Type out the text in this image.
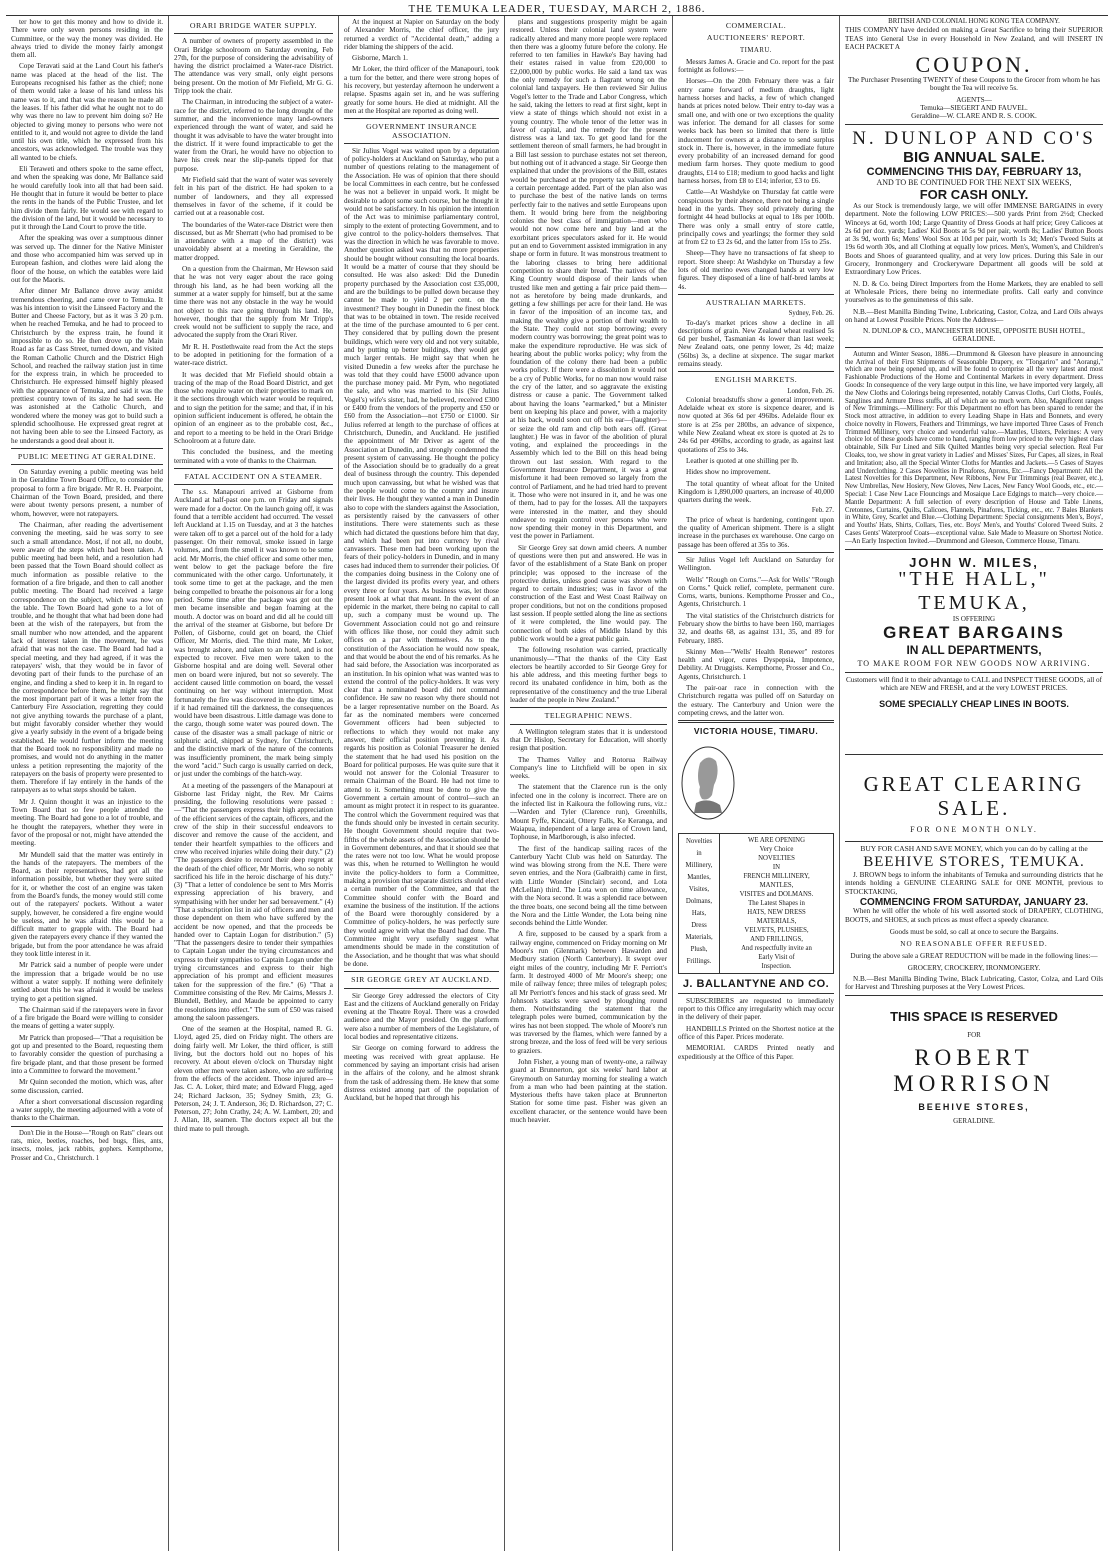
THE TEMUKA LEADER, TUESDAY, MARCH 2, 1886.

ter how to get this money and how to divide it. There were only seven persons residing in the Cummittee, or the way the money was divided. He always tried to divide the money fairly amongst them all.

Cope Teravati said at the Land Court his father's name was placed at the head of the list. The Europeans recognised his father as the chief; none of them would take a lease of his land unless his name was to it, and that was the reason he made all the leases. If his father did what he ought not to do why was there no law to prevent him doing so? He objected to giving money to persons who were not entitled to it, and would not agree to divide the land until his own title, which he expressed from his ancestors, was acknowledged. The trouble was they all wanted to be chiefs.

Eli Teraweti and others spoke to the same effect, and when the speaking was done, Mr Ballance said he would carefully look into all that had been said. He thought that in future it would be better to place the rents in the hands of the Public Trustee, and let him divide them fairly. He would see with regard to the division of the land, but it would be necessary to put it through the Land Court to prove the title.

After the speaking was over a sumptuous dinner was served up. The dinner for the Native Minister and those who accompanied him was served up in European fashion, and clothes were laid along the floor of the house, on which the eatables were laid out for the Maoris.

After dinner Mr Ballance drove away amidst tremendous cheering, and came over to Temuka. It was his intention to visit the Linseed Factory and the Butter and Cheese Factory, but as it was 3 20 p.m. when he reached Temuka, and he had to proceed to Christchurch by the express train, he found it impossible to do so. He then drove up the Main Road as far as Cass Street, turned down, and visited the Roman Catholic Church and the District High School, and reached the railway station just in time for the express train, in which he proceeded to Christchurch. He expressed himself highly pleased with the appearance of Temuka, and said it was the prettiest country town of its size he had seen. He was astonished at the Catholic Church, and wondered where the money was got to build such a splendid schoolhouse. He expressed great regret at not having been able to see the Linseed Factory, as he understands a good deal about it.

PUBLIC MEETING AT GERALDINE.

On Saturday evening a public meeting was held in the Geraldine Town Board Office, to consider the proposal to form a fire brigade. Mr R. H. Pearpoint, Chairman of the Town Board, presided, and there were about twenty persons present, a number of whom, however, were not ratepayers.

The Chairman, after reading the advertisement convening the meeting, said he was sorry to see such a small attendance. Most, if not all, no doubt, were aware of the steps which had been taken. A public meeting had been held, and a resolution had been passed that the Town Board should collect as much information as possible relative to the formation of a fire brigade, and then to call another public meeting. The Board had received a large correspondence on the subject, which was now on the table. The Town Board had gone to a lot of trouble, and he thought that what had been done had been at the wish of the ratepayers, but from the small number who now attended, and the apparent lack of interest taken in the movement, he was afraid that was not the case. The Board had had a special meeting, and they had agreed, if it was the ratepayers' wish, that they would be in favor of devoting part of their funds to the purchase of an engine, and finding a shed to keep it in. In regard to the correspondence before them, he might say that the most important part of it was a letter from the Canterbury Fire Association, regretting they could not give anything towards the purchase of a plant, but might favorably consider whether they would give a yearly subsidy in the event of a brigade being established. He would further inform the meeting that the Board took no responsibility and made no promises, and would not do anything in the matter unless a petition representing the majority of the ratepayers on the basis of property were presented to them. Therefore if lay entirely in the hands of the ratepayers as to what steps should be taken.

Mr J. Quinn thought it was an injustice to the Town Board that so few people attended the meeting. The Board had gone to a lot of trouble, and he thought the ratepayers, whether they were in favor of the proposal or not, might have attended the meeting.

Mr Mundell said that the matter was entirely in the hands of the ratepayers. The members of the Board, as their representatives, had got all the information possible, but whether they were suited for it, or whether the cost of an engine was taken from the Board's funds, the money would still come out of the ratepayers' pockets. Without a water supply, however, he considered a fire engine would be useless, and he was afraid this would be a difficult matter to grapple with. The Board had given the ratepayers every chance if they wanted the brigade, but from the poor attendance he was afraid they took little interest in it.

Mr Patrick said a number of people were under the impression that a brigade would be no use without a water supply. If nothing were definitely settled about this he was afraid it would be useless trying to get a petition signed.

The Chairman said if the ratepayers were in favor of a fire brigade the Board were willing to consider the means of getting a water supply.

Mr Patrick than proposed—"That a requisition be got up and presented to the Board, requesting them to favorably consider the question of purchasing a fire brigade plant, and that those present be formed into a Committee to forward the movement."

Mr Quinn seconded the motion, which was, after some discussion, carried.

After a short conversational discussion regarding a water supply, the meeting adjourned with a vote of thanks to the Chairman.

Don't Die in the House—"Rough on Rats" clears out rats, mice, beetles, roaches, bed bugs, flies, ants, insects, moles, jack rabbits, gophers. Kempthorne, Prosser and Co., Christchurch. 1

ORARI BRIDGE WATER SUPPLY.

A number of owners of property assembled in the Orari Bridge schoolroom on Saturday evening, Feb 27th, for the purpose of considering the advisability of having the district proclaimed a Water-race District. The attendance was very small, only eight persons being present. On the motion of Mr Fiefield, Mr G. G. Tripp took the chair.

The Chairman, in introducing the subject of a water-race for the district, referred to the long drought of the summer, and the inconvenience many land-owners experienced through the want of water, and said he thought it was advisable to have the water brought into the district. If it were found impracticable to get the water from the Orari, he would have no objection to have his creek near the slip-panels tipped for that purpose.

Mr Fiefield said that the want of water was severely felt in his part of the district. He had spoken to a number of landowners, and they all expressed themselves in favor of the scheme, if it could be carried out at a reasonable cost.

The boundaries of the Water-race District were then discussed, but as Mr Sherratt (who had promised to be in attendance with a map of the district) was unavoidably absent at a meeting in Geraldine, the matter dropped.

On a question from the Chairman, Mr Hewson said that he was not very eager about the race going through his land, as he had been working all the summer at a water supply for himself, but at the same time there was not any obstacle in the way he would not object to this race going through his land. He, however, thought that the supply from Mr Tripp's creek would not be sufficient to supply the race, and advocated the supply from the Orari River.

Mr R. H. Postlethwaite read from the Act the steps to be adopted in petitioning for the formation of a water-race district.

It was decided that Mr Fiefield should obtain a tracing of the map of the Road Board District, and get those who require water on their properties to mark on it the sections through which water would be required, and to sign the petition for the same; and that, if in his opinion sufficient inducement is offered, he obtain the opinion of an engineer as to the probable cost, &c., and report to a meeting to be held in the Orari Bridge Schoolroom at a future date.

This concluded the business, and the meeting terminated with a vote of thanks to the Chairman.

FATAL ACCIDENT ON A STEAMER.

The s.s. Manapouri arrived at Gisborne from Auckland at half-past one p.m. on Friday and signals were made for a doctor. On the launch going off, it was found that a terrible accident had occurred. The vessel left Auckland at 1.15 on Tuesday, and at 3 the hatches were taken off to get a parcel out of the hold for a lady passenger. On their removal, smoke issued in large volumes, and from the smell it was known to be some acid. Mr Morris, the chief officer and some other men, went below to get the package before the fire communicated with the other cargo. Unfortunately, it took some time to get at the package, and the men being compelled to breathe the poisonous air for a long period. Some time after the package was got out the men became insensible and began foaming at the mouth. A doctor was on board and did all he could till the arrival of the steamer at Gisborne, but before Dr Pollen, of Gisborne, could get on board, the Chief Officer, Mr Morris, died. The third mate, Mr Loker, was brought ashore, and taken to an hotel, and is not expected to recover. Five men were taken to the Gisborne hospital and are doing well. Several other men on board were injured, but not so severely. The accident caused little commotion on board, the vessel continuing on her way without interruption. Most fortunately the fire was discovered in the day time, as if it had remained till the darkness, the consequences would have been disastrous. Little damage was done to the cargo, though some water was poured down. The cause of the disaster was a small package of nitric or sulphuric acid, shipped at Sydney, for Christchurch, and the distinctive mark of the nature of the contents was insufficiently prominent, the mark being simply the word "acid." Such cargo is usually carried on deck, or just under the combings of the hatch-way.

At a meeting of the passengers of the Manapouri at Gisborne last Friday night, the Rev. Mr Cairns presiding, the following resolutions were passed :—"That the passengers express their high appreciation of the efficient services of the captain, officers, and the crew of the ship in their successful endeavors to discover and remove the cause of the accident, and tender their heartfelt sympathies to the officers and crew who received injuries while doing their duty." (2) "The passengers desire to record their deep regret at the death of the chief officer, Mr Morris, who so nobly sacrificed his life in the heroic discharge of his duty." (3) "That a letter of condolence be sent to Mrs Morris expressing appreciation of his bravery, and sympathising with her under her sad bereavement." (4) "That a subscription list in aid of officers and men and those dependent on them who have suffered by the accident be now opened, and that the proceeds be handed over to Captain Logan for distribution." (5) "That the passengers desire to tender their sympathies to Captain Logan under the trying circumstances and express to their sympathies to Captain Logan under the trying circumstances and express to their high appreciation of his prompt and efficient measures taken for the suppression of the fire." (6) "That a Committee consisting of the Rev. Mr Cairns, Messrs J. Blundell, Bethley, and Maude be appointed to carry the resolutions into effect." The sum of £50 was raised among the saloon passengers.

One of the seamen at the Hospital, named R. G. Lloyd, aged 25, died on Friday night. The others are doing fairly well. Mr Loker, the third officer, is still living, but the doctors hold out no hopes of his recovery. At about eleven o'clock on Thursday night eleven other men were taken ashore, who are suffering from the effects of the accident. Those injured are—Jas. C. A. Loker, third mate; and Edward Flugg, aged 24; Richard Jackson, 35; Sydney Smith, 23; G. Peterson, 24; J. T. Anderson, 36; D. Richardson, 27; C. Peterson, 27; John Crathy, 24; A. W. Lambert, 20; and J. Allan, 18, seamen. The doctors expect all but the third mate to pull through.

At the inquest at Napier on Saturday on the body of Alexander Morris, the chief officer, the jury returned a verdict of "Accidental death," adding a rider blaming the shippers of the acid.

Gisborne, March 1.

Mr Loker, the third officer of the Manapouri, took a turn for the better, and there were strong hopes of his recovery, but yesterday afternoon he underwent a relapse. Spasms again set in, and he was suffering greatly for some hours. He died at midnight. All the men at the Hospital are reported as doing well.

GOVERNMENT INSURANCE ASSOCIATION.

Sir Julius Vogel was waited upon by a deputation of policy-holders at Auckland on Saturday, who put a number of questions relating to the management of the Association. He was of opinion that there should be local Committees in each centre, but he confessed he was not a believer in unpaid work. It might be desirable to adopt some such course, but he thought it would not be satisfactory. In his opinion the intention of the Act was to minimise parliamentary control, simply to the extent of protecting Government, and to give control to the policy-holders themselves. That was the direction in which he was favorable to move. Another question asked was that no more properties should be bought without consulting the local boards. It would be a matter of course that they should be consulted. He was also asked: Did the Dunedin property purchased by the Association cost £35,000, and are the buildings to be pulled down because they cannot be made to yield 2 per cent. on the investment? They bought in Dunedin the finest block that was to be obtained in town. The reside received at the time of the purchase amounted to 6 per cent. They considered that by pulling down the present buildings, which were very old and not very suitable, and by putting up better buildings, they would get much larger rentals. He might say that when he visited Dunedin a few weeks after the purchase he was told that they could have £5000 advance upon the purchase money paid. Mr Pym, who negotiated the sale, and who was married to his (Sir Julius Vogel's) wife's sister, had, he believed, received £300 or £400 from the vendors of the property and £50 or £60 from the Association—not £750 or £1000. Sir Julius referred at length to the purchase of offices at Christchurch, Dunedin, and Auckland. He justified the appointment of Mr Driver as agent of the Association at Dunedin, and strongly condemned the present system of canvassing. He thought the policy of the Association should be to gradually do a great deal of business through the country. This depended much upon canvassing, but what he wished was that the people would come to the country and insure their lives. He thought they wanted a man in Dunedin also to cope with the slanders against the Association, as persistently raised by the canvassers of other institutions. There were statements such as these which had dictated the questions before him that day, and which had been put into currency by rival canvassers. These men had been working upon the fears of their policy-holders in Dunedin, and in many cases had induced them to surrender their policies. Of the companies doing business in the Colony one of the largest divided its profits every year, and others every three or four years. As business was, let those present look at what that meant. In the event of an epidemic in the market, there being no capital to call up, such a company must be wound up. The Government Association could not go and reinsure with offices like those, nor could they admit such offices on a par with themselves. As to the constitution of the Association he would now speak, and that would be about the end of his remarks. As he had said before, the Association was incorporated as an institution. In his opinion what was wanted was to extend the control of the policy-holders. It was very clear that a nominated board did not command confidence. He saw no reason why there should not be a larger representative number on the Board. As far as the nominated members were concerned Government officers had been subjected to reflections to which they would not make any answer, their official position preventing it. As regards his position as Colonial Treasurer he denied the statement that he had used his position on the Board for political purposes. He was quite sure that it would not answer for the Colonial Treasurer to remain Chairman of the Board. He had not time to attend to it. Something must be done to give the Government a certain amount of control—such an amount as might protect it in respect to its guarantee. The control which the Government required was that the funds should only be invested in certain security. He thought Government should require that two-fifths of the whole assets of the Association should be in Government debentures, and that it should see that the rates were not too low. What he would propose was this, when he returned to Wellington he would invite the policy-holders to form a Committee, making a provision that separate districts should elect a certain number of the Committee, and that the Committee should confer with the Board and examine the business of the institution. If the actions of the Board were thoroughly considered by a Committee of policy-holders, he was perfectly sure they would agree with what the Board had done. The Committee might very usefully suggest what amendments should be made in the constitution of the Association, and he thought that was what should be done.

SIR GEORGE GREY AT AUCKLAND.

Sir George Grey addressed the electors of City East and the citizens of Auckland generally on Friday evening at the Theatre Royal. There was a crowded audience and the Mayor presided. On the platform were also a number of members of the Legislature, of local bodies and representative citizens.

Sir George on coming forward to address the meeting was received with great applause. He commenced by saying an important crisis had arisen in the affairs of the colony, and he almost shrank from the task of addressing them. He knew that some distress existed among part of the population of Auckland, but he hoped that through his

plans and suggestions prosperity might be again restored. Unless their colonial land system were radically altered and many more people were replaced then there was a gloomy future before the colony. He referred to ten families in Hawke's Bay having had their estates raised in value from £20,000 to £2,000,000 by public works. He said a land tax was the only remedy for such a flagrant wrong on the colonial land taxpayers. He then reviewed Sir Julius Vogel's letter to the Trade and Labor Congress, which he said, taking the letters to read at first sight, kept in view a state of things which should not exist in a young country. The whole tenor of the letter was in favor of capital, and the remedy for the present distress was a land tax. To get good land for the settlement thereon of small farmers, he had brought in a Bill last session to purchase estates not set thereon, but nothing out of it advanced a stage. Sir George then explained that under the provisions of the Bill, estates would be purchased at the property tax valuation and a certain percentage added. Part of the plan also was to purchase the best of the native lands on terms perfectly fair to the natives and settle Europeans upon them. It would bring here from the neighboring colonies the best class of immigration—men who would not now come here and buy land at the exorbitant prices speculators asked for it. He would put an end to Government assisted immigration in any shape or form in future. It was monstrous treatment to the laboring classes to bring here additional competition to share their bread. The natives of the King Country would dispose of their lands when trusted like men and getting a fair price paid them—not as heretofore by being made drunkards, and getting a few shillings per acre for their land. He was in favor of the imposition of an income tax, and making the wealthy give a portion of their wealth to the State. They could not stop borrowing; every modern country was borrowing; the great point was to make the expenditure reproductive. He was sick of hearing about the public works policy; why from the foundation of the colony there had been a public works policy. If there were a dissolution it would not be a cry of Public Works, for no man now would raise the cry of the latter, and so aggravate the existing distress or cause a panic. The Government talked about having the loans "earmarked," but a Minister bent on keeping his place and power, with a majority at his back, would soon cut off his ear—(laughter)—or seize the old ram and clip both ears off. (Great laughter.) He was in favor of the abolition of plural voting, and explained the proceedings in the Assembly which led to the Bill on this head being thrown out last session. With regard to the Government Insurance Department, it was a great misfortune it had been removed so largely from the control of Parliament, and he had tried hard to prevent it. Those who were not insured in it, and he was one of them, had to pay for the losses. All the taxpayers were interested in the matter, and they should endeavor to regain control over persons who were now spending their money in this Department, and vest the power in Parliament.

Sir George Grey sat down amid cheers. A number of questions were then put and answered. He was in favor of the establishment of a State Bank on proper principle; was opposed to the increase of the protective duties, unless good cause was shown with regard to certain industries; was in favor of the construction of the East and West Coast Railway on proper conditions, but not on the conditions proposed last session. If people settled along the line as sections of it were completed, the line would pay. The connection of both sides of Middle Island by this public work would be a great public gain.

The following resolution was carried, practically unanimously—"That the thanks of the City East electors be heartily accorded to Sir George Grey for his able address, and this meeting further begs to record its unabated confidence in him, both as the representative of the constituency and the true Liberal leader of the people in New Zealand."

TELEGRAPHIC NEWS.

A Wellington telegram states that it is understood that Dr Hislop, Secretary for Education, will shortly resign that position.

The Thames Valley and Rotorua Railway Company's line to Litchfield will be open in six weeks.

The statement that the Clarence run is the only infected one in the colony is incorrect. There are on the infected list in Kaikoura the following runs, viz.:—Warden and Tyler (Clarence run), Greenhills, Mount Fyffe, Kincaid, Ottery Falls, Ke Keranga, and Waiapua, independent of a large area of Crown land, Tophouse, in Marlborough, is also infected.

The first of the handicap sailing races of the Canterbury Yacht Club was held on Saturday. The wind was blowing strong from the N.E. There were seven entries, and the Nora (Galbraith) came in first, with Little Wonder (Sinclair) second, and Lota (McLellan) third. The Lota won on time allowance, with the Nora second. It was a splendid race between the three boats, one second being all the time between the Nora and the Little Wonder, the Lota being nine seconds behind the Little Wonder.

A fire, supposed to be caused by a spark from a railway engine, commenced on Friday morning on Mr Moore's run (Glenmark) between Hawarden and Medbury station (North Canterbury). It swept over eight miles of the country, including Mr F. Perriott's farm. It destroyed 4000 of Mr Moore's sheep; one mile of railway fence; three miles of telegraph poles; all Mr Perriott's fences and his stack of grass seed. Mr Johnson's stacks were saved by ploughing round them. Notwithstanding the statement that the telegraph poles were burned, communication by the wires has not been stopped. The whole of Moore's run was traversed by the flames, which were fanned by a strong breeze, and the loss of feed will be very serious to graziers.

John Fisher, a young man of twenty-one, a railway guard at Brunnerton, got six weeks' hard labor at Greymouth on Saturday morning for stealing a watch from a man who had been painting at the station. Mysterious thefts have taken place at Brunnerton Station for some time past. Fisher was given an excellent character, or the sentence would have been much heavier.

COMMERCIAL.
AUCTIONEERS' REPORT.
TIMARU.

Messrs James A. Gracie and Co. report for the past fortnight as follows:—

Horses—On the 20th February there was a fair entry came forward of medium draughts, light harness horses and hacks, a few of which changed hands at prices noted below. Their entry to-day was a small one, and with one or two exceptions the quality was inferior. The demand for all classes for some weeks back has been so limited that there is little inducement for owners at a distance to send surplus stock in. There is, however, in the immediate future every probability of an increased demand for good medium farm horses. They quote medium to good draughts, £14 to £18; medium to good hacks and light harness horses, from £8 to £14; inferior, £3 to £6.

Cattle—At Washdyke on Thursday fat cattle were conspicuous by their absence, there not being a single head in the yards. They sold privately during the fortnight 44 head bullocks at equal to 18s per 100lb. There was only a small entry of store cattle, principally cows and yearlings; the former they sold at from £2 to £3 2s 6d, and the latter from 15s to 25s.

Sheep—They have no transactions of fat sheep to report. Store sheep: At Washdyke on Thursday a few lots of old merino ewes changed hands at very low figures. They disposed of a line of half-bred lambs at 4s.

AUSTRALIAN MARKETS.
Sydney, Feb. 26.

To-day's market prices show a decline in all descriptions of grain. New Zealand wheat realised 5s 6d per bushel, Tasmanian 4s lower than last week; New Zealand oats, one penny lower, 2s 4d; maize (56lbs) 3s, a decline at sixpence. The sugar market remains steady.

ENGLISH MARKETS.
London, Feb. 26.

Colonial breadstuffs show a general improvement. Adelaide wheat ex store is sixpence dearer, and is now quoted at 36s 6d per 496lbs. Adelaide flour ex store is at 25s per 280lbs, an advance of sixpence, while New Zealand wheat ex store is quoted at 2s to 24s 6d per 496lbs, according to grade, as against last quotations of 25s to 34s.

Leather is quoted at one shilling per lb.

Hides show no improvement.

The total quantity of wheat afloat for the United Kingdom is 1,890,000 quarters, an increase of 40,000 quarters during the week.

Feb. 27.

The price of wheat is hardening, contingent upon the quality of American shipment. There is a slight increase in the purchases ex warehouse. One cargo on passage has been offered at 35s to 36s.

Sir Julius Vogel left Auckland on Saturday for Wellington.

Wells' "Rough on Corns."—Ask for Wells' "Rough on Corns." Quick relief, complete, permanent cure. Corns, warts, bunions. Kempthorne Prosser and Co., Agents, Christchurch. 1

The vital statistics of the Christchurch districts for February show the births to have been 160, marriages 32, and deaths 68, as against 131, 35, and 89 for February, 1885.

Skinny Men—"Wells' Health Renewer" restores health and vigor, cures Dyspepsia, Impotence, Debility. At Druggists. Kempthorne, Prosser and Co., Agents, Christchurch. 1

The pair-oar race in connection with the Christchurch regatta was pulled off on Saturday on the estuary. The Canterbury and Union were the competing crews, and the latter won.

VICTORIA HOUSE, TIMARU.
Novelties
in
Millinery,
Mantles,
Visites,
Dolmans,
Hats,
Dress
Materials,
Plush,
Frillings.
WE ARE OPENING
Very Choice
NOVELTIES
IN
FRENCH MILLINERY,
MANTLES,
VISITES and DOLMANS.
The Latest Shapes in
HATS, NEW DRESS
MATERIALS,
VELVETS, PLUSHES,
AND FRILLINGS,
And respectfully invite an
Early Visit of
Inspection.
J. BALLANTYNE AND CO.

SUBSCRIBERS are requested to immediately report to this Office any irregularity which may occur in the delivery of their paper.

HANDBILLS Printed on the Shortest notice at the office of this Paper. Prices moderate.

MEMORIAL CARDS Printed neatly and expeditiously at the Office of this Paper.

BRITISH AND COLONIAL HONG KONG TEA COMPANY.

THIS COMPANY have decided on making a Great Sacrifice to bring their SUPERIOR TEAS into General Use in every Household in New Zealand, and will INSERT IN EACH PACKET A

COUPON.

The Purchaser Presenting TWENTY of these Coupons to the Grocer from whom he has bought the Tea will receive 5s.

AGENTS—
Temuka—SIEGERT AND FAUVEL.
Geraldine—W. CLARE AND R. S. COOK.
N. DUNLOP AND CO'S
BIG ANNUAL SALE.
COMMENCING THIS DAY, FEBRUARY 13,
AND TO BE CONTINUED FOR THE NEXT SIX WEEKS,
FOR CASH ONLY.

As our Stock is tremendously large, we will offer IMMENSE BARGAINS in every department. Note the following LOW PRICES:—500 yards Print from 2½d; Checked Winceys at 6d, worth 10d; Large Quantity of Dress Goods at half price; Grey Calicoes at 2s 6d per doz. yards; Ladies' Kid Boots at 5s 9d per pair, worth 8s; Ladies' Button Boots at 3s 9d, worth 6s; Mens' Wool Sox at 10d per pair, worth 1s 3d; Men's Tweed Suits at 19s 6d worth 30s, and all Clothing at equally low prices. Men's, Women's, and Children's Boots and Shoes of guaranteed quality, and at very low prices. During this Sale in our Grocery, Ironmongery and Crockeryware Department all goods will be sold at Extraordinary Low Prices.

N. D. & Co. being Direct Importers from the Home Markets, they are enabled to sell at Wholesale Prices, there being no intermediate profits. Call early and convince yourselves as to the genuineness of this sale.

N.B.—Best Manilla Binding Twine, Lubricating, Castor, Colza, and Lard Oils always on hand at Lowest Possible Prices. Note the Address—

N. DUNLOP & CO., MANCHESTER HOUSE, OPPOSITE BUSH HOTEL, GERALDINE.

Autumn and Winter Season, 1886.—Drummond & Gleeson have pleasure in announcing the Arrival of their First Shipments of Seasonable Drapery, ex "Tongariro" and "Aorangi," which are now being opened up, and will be found to comprise all the very latest and most Fashionable Productions of the Home and Continental Markets in every department. Dress Goods: In consequence of the very large output in this line, we have imported very largely, all the New Cloths and Colorings being represented, notably Canvas Cloths, Curl Cloths, Foulés, Sanglines and Armure Dress stuffs, all of which are so much worn. Also, Magnificent ranges of New Trimmings.—Millinery: For this Department no effort has been spared to render the Stock most attractive, in addition to every Leading Shape in Hats and Bonnets, and every choice novelty in Flowers, Feathers and Trimmings, we have imported Three Cases of French Trimmed Millinery, very choice and wonderful value.—Mantles, Ulsters, Pelerines: A very choice lot of these goods have come to hand, ranging from low priced to the very highest class obtainable, Silk Fur Lined and Silk Quilted Mantles being very special selection. Real Fur Cloaks, too, we show in great variety in Ladies' and Misses' Sizes, Fur Capes, all sizes, in Real and Imitation; also, all the Special Winter Cloths for Mantles and Jackets.—5 Cases of Stayes and Underclothing. 2 Cases Novelties in Pinafores, Aprons, Etc.—Fancy Department: All the Latest Novelties for this Department, New Ribbons, New Fur Trimmings (real Beaver, etc.), New Umbrellas, New Hosiery, New Gloves, New Laces, New Fancy Wool Goods, etc., etc.—Special: 1 Case New Lace Flouncings and Mosaique Lace Edgings to match—very choice.—Mantle Department: A full selection of every description of House and Table Linens, Cretonnes, Curtains, Quilts, Calicoes, Flannels, Pinafores, Ticking, etc., etc. 7 Bales Blankets in White, Grey, Scarlet and Blue.—Clothing Department: Special consignments Men's, Boys', and Youths' Hats, Shirts, Collars, Ties, etc. Boys' Men's, and Youths' Colored Tweed Suits. 2 Cases Gents' Waterproof Coats—exceptional value. Sale Made to Measure on Shortest Notice.—An Early Inspection Invited.—Drummond and Gleeson, Commerce House, Timaru.

JOHN W. MILES,
"THE HALL," TEMUKA,
IS OFFERING
GREAT BARGAINS
IN ALL DEPARTMENTS,
TO MAKE ROOM FOR NEW GOODS NOW ARRIVING.

Customers will find it to their advantage to CALL and INSPECT THESE GOODS, all of which are NEW and FRESH, and at the very LOWEST PRICES.

SOME SPECIALLY CHEAP LINES IN BOOTS.
GREAT CLEARING SALE.
FOR ONE MONTH ONLY.
BUY FOR CASH AND SAVE MONEY, which you can do by calling at the
BEEHIVE STORES, TEMUKA.

J. BROWN begs to inform the inhabitants of Temuka and surrounding districts that he intends holding a GENUINE CLEARING SALE for ONE MONTH, previous to STOCKTAKING,

COMMENCING FROM SATURDAY, JANUARY 23.

When he will offer the whole of his well assorted stock of DRAPERY, CLOTHING, BOOTS, and SHOES, at such prices as must effect a speedy clearance.

Goods must be sold, so call at once to secure the Bargains.
NO REASONABLE OFFER REFUSED.
During the above sale a GREAT REDUCTION will be made in the following lines:—
GROCERY, CROCKERY, IRONMONGERY.

N.B.—Best Manilla Binding Twine, Black Lubricating, Castor, Colza, and Lard Oils for Harvest and Threshing purposes at the Very Lowest Prices.

THIS SPACE IS RESERVED
FOR
ROBERT MORRISON
BEEHIVE STORES,
GERALDINE.
